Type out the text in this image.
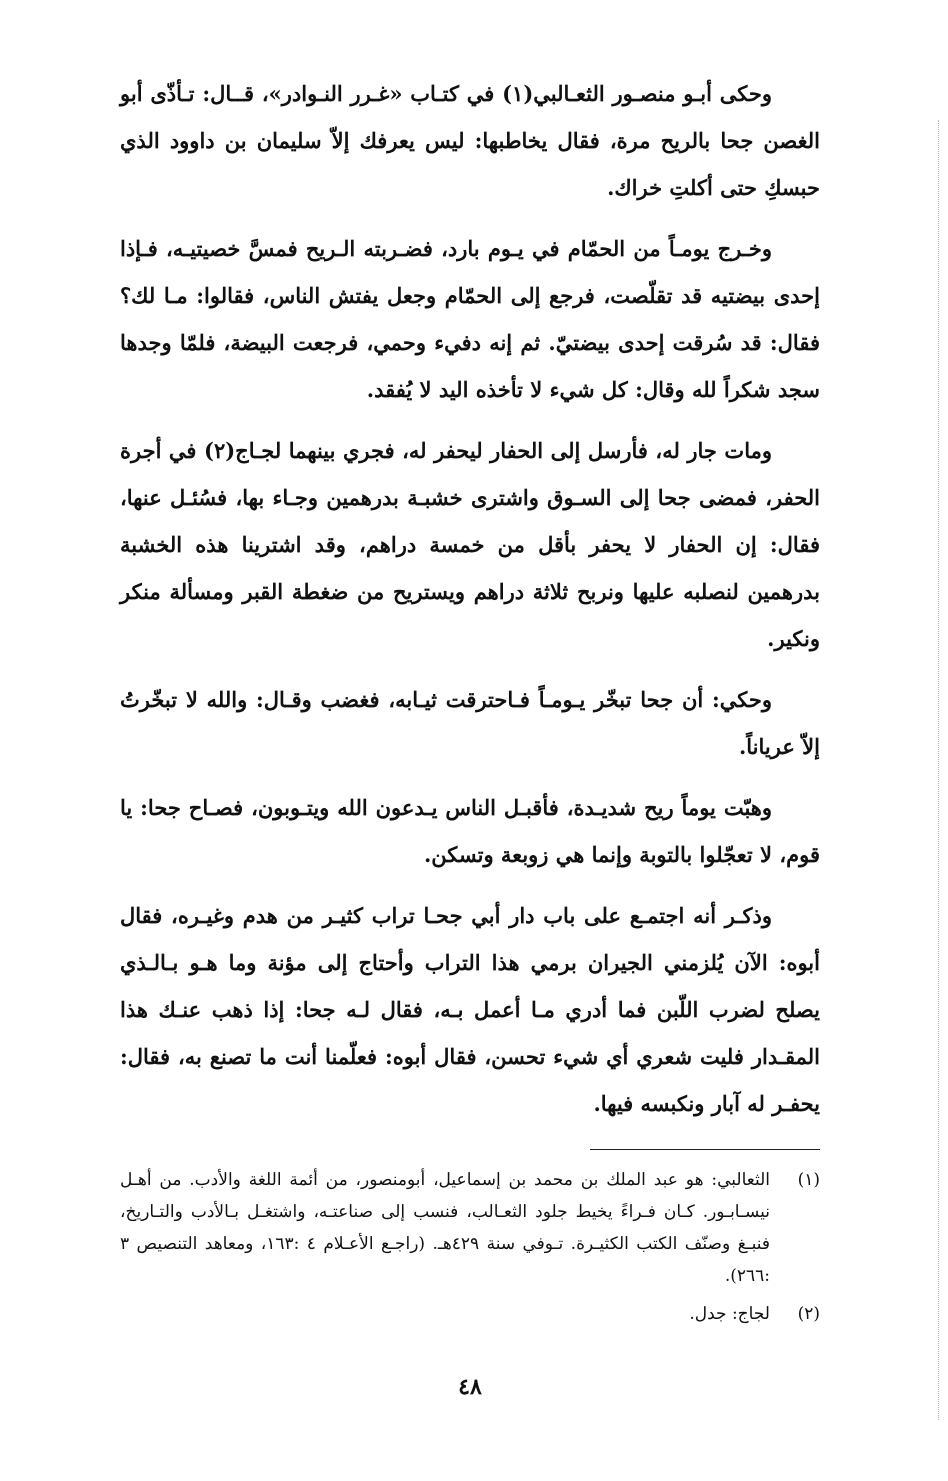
وحكى أبـو منصـور الثعـالبي(١) في كتـاب «غـرر النـوادر»، قــال: تـأذّى أبو الغصن جحا بالريح مرة، فقال يخاطبها: ليس يعرفك إلاّ سليمان بن داوود الذي حبسكِ حتى أكلتِ خراك.

وخـرج يومـاً من الحمّام في يـوم بارد، فضـربته الـريح فمسَّ خصيتيـه، فـإذا إحدى بيضتيه قد تقلّصت، فرجع إلى الحمّام وجعل يفتش الناس، فقالوا: مـا لك؟ فقال: قد سُرقت إحدى بيضتيّ. ثم إنه دفيء وحمي، فرجعت البيضة، فلمّا وجدها سجد شكراً لله وقال: كل شيء لا تأخذه اليد لا يُفقد.

ومات جار له، فأرسل إلى الحفار ليحفر له، فجري بينهما لجـاج(٢) في أجرة الحفر، فمضى جحا إلى السـوق واشترى خشبـة بدرهمين وجـاء بها، فسُئـل عنها، فقال: إن الحفار لا يحفر بأقل من خمسة دراهم، وقد اشترينا هذه الخشبة بدرهمين لنصلبه عليها ونربح ثلاثة دراهم ويستريح من ضغطة القبر ومسألة منكر ونكير.

وحكي: أن جحا تبخّر يـومـاً فـاحترقت ثيـابه، فغضب وقـال: والله لا تبخّرتُ إلاّ عرياناً.

وهبّت يوماً ريح شديـدة، فأقبـل الناس يـدعون الله ويتـوبون، فصـاح جحا: يا قوم، لا تعجّلوا بالتوبة وإنما هي زوبعة وتسكن.

وذكـر أنه اجتمـع على باب دار أبي جحـا تراب كثيـر من هدم وغيـره، فقال أبوه: الآن يُلزمني الجيران برمي هذا التراب وأحتاج إلى مؤنة وما هـو بـالـذي يصلح لضرب اللّبن فما أدري مـا أعمل بـه، فقال لـه جحا: إذا ذهب عنـك هذا المقـدار فليت شعري أي شيء تحسن، فقال أبوه: فعلّمنا أنت ما تصنع به، فقال: يحفـر له آبار ونكبسه فيها.

(١)
الثعالبي: هو عبد الملك بن محمد بن إسماعيل، أبومنصور، من أئمة اللغة والأدب. من أهـل نيسـابـور. كـان فـراءً يخيط جلود الثعـالب، فنسب إلى صناعتـه، واشتغـل بـالأدب والتـاريخ، فنبـغ وصنّف الكتب الكثيـرة. تـوفي سنة ٤٢٩هـ. (راجـع الأعـلام ٤ :١٦٣، ومعاهد التنصيص ٣ :٢٦٦).
(٢)
لجاج: جدل.
٤٨
